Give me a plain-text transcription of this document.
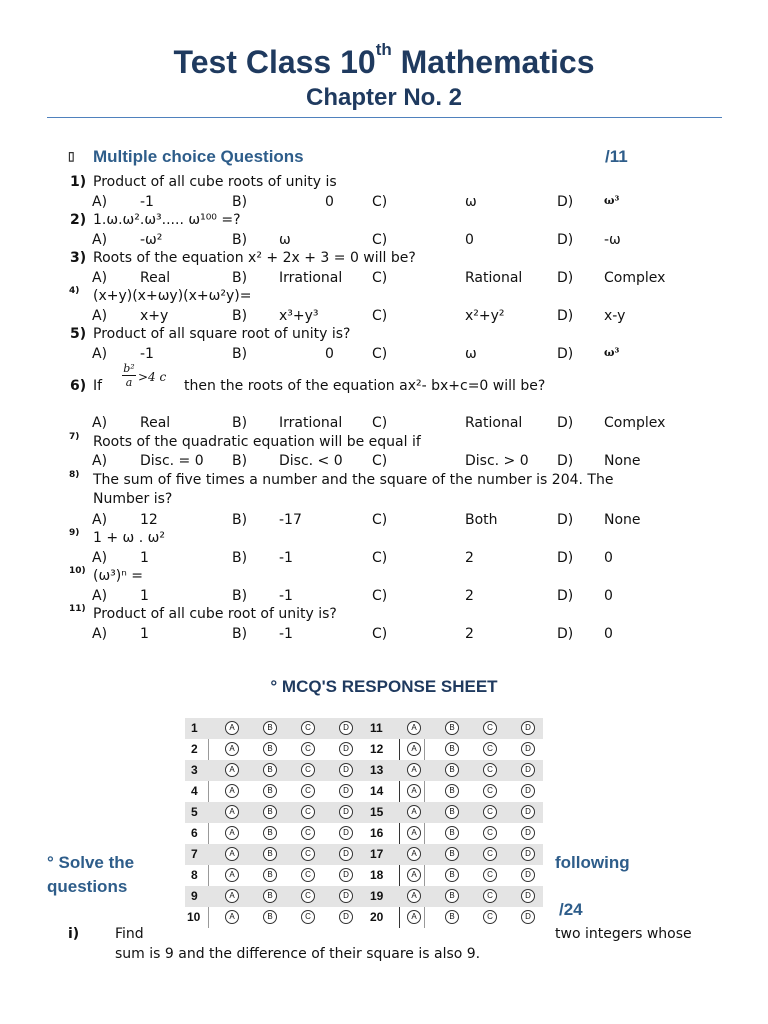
Test Class 10th Mathematics
Chapter No. 2
▯ Multiple choice Questions	/11
1) Product of all cube roots of unity is
A) -1	B)	0	C)	ω	D)	ω³
2) 1.ω.ω².ω³..... ω¹⁰⁰ =?
A) -ω²	B) ω	C)	0	D) -ω
3) Roots of the equation x² + 2x + 3 = 0 will be?
A) Real	B) Irrational C)	Rational D) Complex
4) (x+y)(x+ωy)(x+ω²y)=
A) x+y	B) x³+y³	C)	x²+y²	D) x-y
5) Product of all square root of unity is?
A) -1	B)	0	C)	ω	D)	ω³
6) If $\frac{\text{b²}}{a} >4$ c
then the roots of the equation ax²- bx+c=0 will be?
A) Real	B) Irrational C)	Rational D) Complex
7) Roots of the quadratic equation will be equal if
A) Disc. = 0 B) Disc. < 0 C)	Disc. > 0 D) None
8) The sum of five times a number and the square of the number is 204. The
Number is?
A) 12	B) -17	C)	Both	D) None
9) 1 + ω . ω²
A) 1	B) -1	C)	2	D) 0
10) (ω³)ⁿ =
A) 1	B) -1	C)	2	D) 0
11) Product of all cube root of unity is?
A) 1	B) -1	C)	2	D) 0
° MCQ'S RESPONSE SHEET
1	A	B	C	D	11	A	B	C	D
2	A	B	C	D	12	A	B	C	D
3	A	B	C	D	13	A	B	C	D
4	A	B	C	D	14	A	B	C	D
5	A	B	C	D	15	A	B	C	D
6	A	B	C	D	16	A	B	C	D
7	A	B	C	D	17	A	B	C	D
8	A	B	C	D	18	A	B	C	D
9	A	B	C	D	19	A	B	C	D
10	A	B	C	D	20	A	B	C	D
° Solve the
questions
following
/24
i)	Find	two integers whose
sum is 9 and the difference of their square is also 9.
